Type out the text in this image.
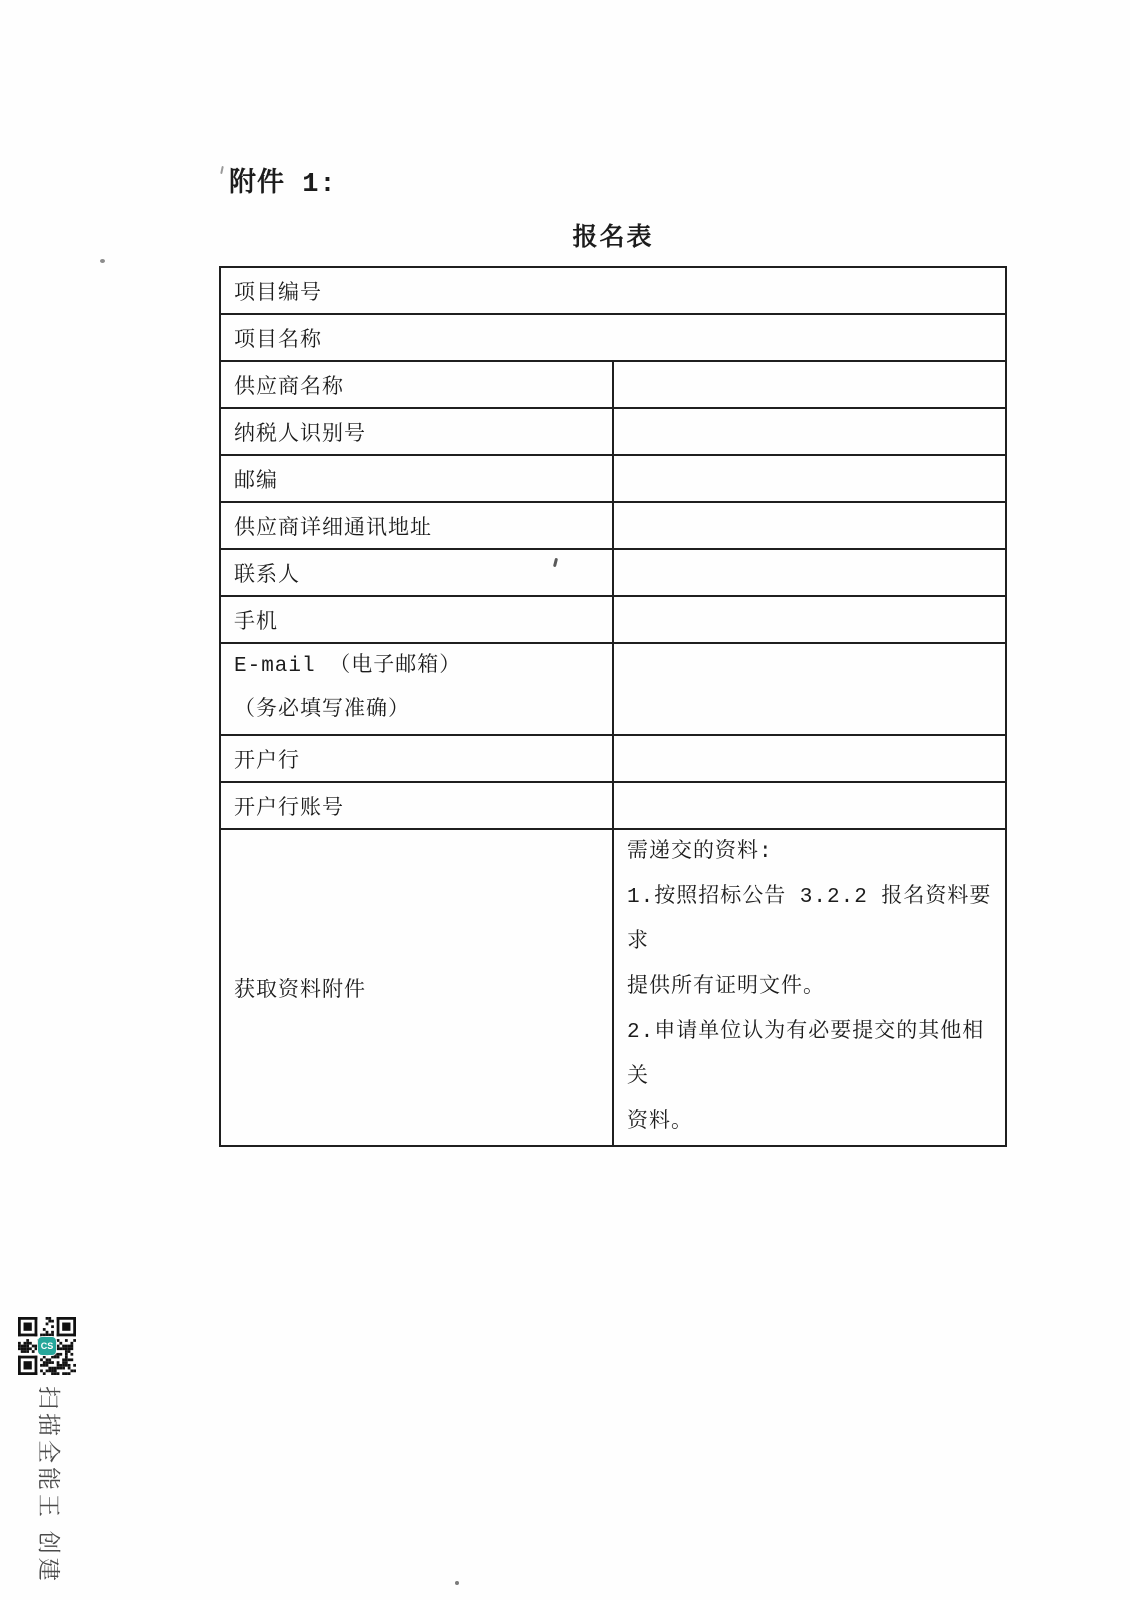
附件 1:
报名表
项目编号	
项目名称	
供应商名称	
纳税人识别号	
邮编	
供应商详细通讯地址	
联系人	
手机	

E-mail （电子邮箱）
（务必填写准确）	

开户行	
开户行账号	
获取资料附件	需递交的资料:
1.按照招标公告 3.2.2 报名资料要求
提供所有证明文件。
2.申请单位认为有必要提交的其他相关
资料。
CS
扫描全能王 创建
